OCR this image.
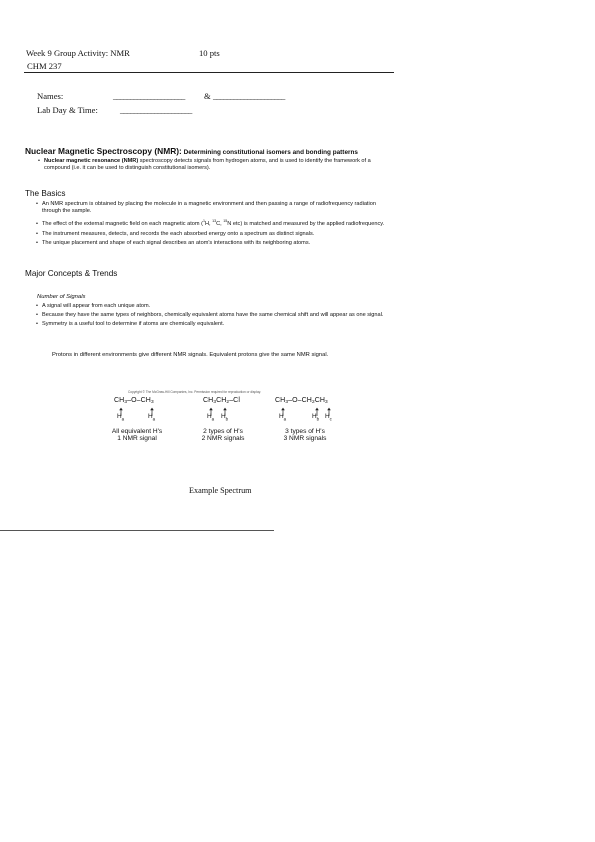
Week 9 Group Activity: NMR	10 pts
CHM 237
Names:	_____________________ & _____________________
Lab Day & Time:	_____________________
Nuclear Magnetic Spectroscopy (NMR): Determining constitutional isomers and bonding patterns
• Nuclear magnetic resonance (NMR) spectroscopy detects signals from hydrogen atoms, and is used to identify the framework of a compound (i.e. it can be used to distinguish constitutional isomers).
The Basics
• An NMR spectrum is obtained by placing the molecule in a magnetic environment and then passing a range of radiofrequency radiation through the sample.
• The effect of the external magnetic field on each magnetic atom ($^1$H, $^{13}$C, $^{15}$N etc) is matched and measured by the applied radiofrequency.
• The instrument measures, detects, and records the each absorbed energy onto a spectrum as distinct signals.
• The unique placement and shape of each signal describes an atom's interactions with its neighboring atoms.
Major Concepts & Trends
Number of Signals
• A signal will appear from each unique atom.
• Because they have the same types of neighbors, chemically equivalent atoms have the same chemical shift and will appear as one signal.
• Symmetry is a useful tool to determine if atoms are chemically equivalent.
Protons in different environments give different NMR signals. Equivalent protons give the same NMR signal.
Copyright © The McGraw-Hill Companies, Inc. Permission required for reproduction or display.
$CH_3-O-CH_3$
$H_a$	$H_a$
All equivalent H's
1 NMR signal
$CH_3CH_2-Cl$
$H_a$ $H_b$
2 types of H's
2 NMR signals
$CH_3-O-CH_2CH_3$
$H_a$	$H_b$ $H_c$
3 types of H's
3 NMR signals
Example Spectrum
